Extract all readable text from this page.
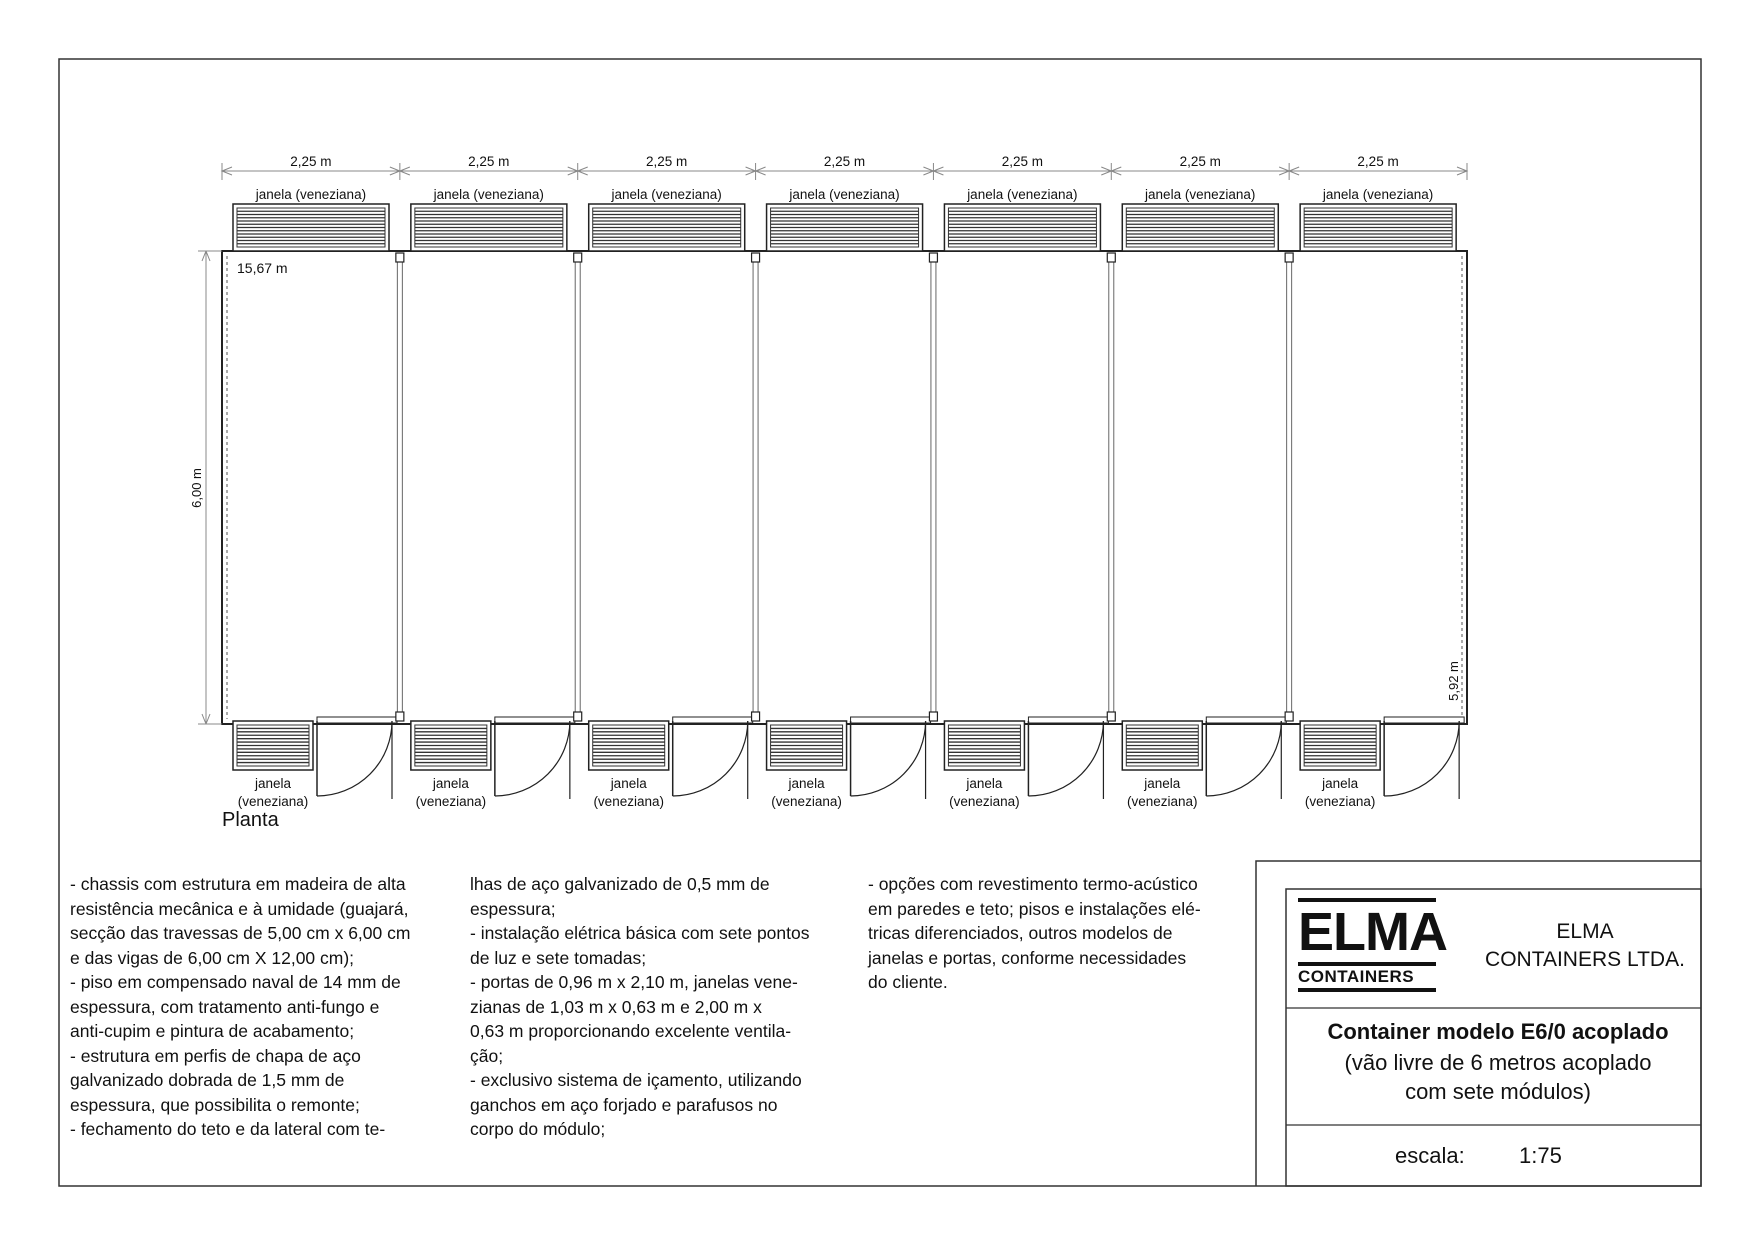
2,25 m
janela (veneziana)
janela
(veneziana)
2,25 m
janela (veneziana)
janela
(veneziana)
2,25 m
janela (veneziana)
janela
(veneziana)
2,25 m
janela (veneziana)
janela
(veneziana)
2,25 m
janela (veneziana)
janela
(veneziana)
2,25 m
janela (veneziana)
janela
(veneziana)
2,25 m
janela (veneziana)
janela
(veneziana)
15,67 m
6,00 m
5,92 m
Planta
- chassis com estrutura em madeira de alta
resistência mecânica e à umidade (guajará,
secção das travessas de 5,00 cm x 6,00 cm
e das vigas de 6,00 cm X 12,00 cm);
- piso em compensado naval de 14 mm de
espessura, com tratamento anti-fungo e
anti-cupim e pintura de acabamento;
- estrutura em perfis de chapa de aço
galvanizado dobrada de 1,5 mm de
espessura, que possibilita o remonte;
- fechamento do teto e da lateral com te-
lhas de aço galvanizado de 0,5 mm de
espessura;
- instalação elétrica básica com sete pontos
de luz e sete tomadas;
- portas de 0,96 m x 2,10 m, janelas vene-
zianas de 1,03 m x 0,63 m e 2,00 m x
0,63 m proporcionando excelente ventila-
ção;
- exclusivo sistema de içamento, utilizando
ganchos em aço forjado e parafusos no
corpo do módulo;
- opções com revestimento termo-acústico
em paredes e teto; pisos e instalações elé-
tricas diferenciados, outros modelos de
janelas e portas, conforme necessidades
do cliente.
ELMA
CONTAINERS
ELMA
CONTAINERS LTDA.
Container modelo E6/0 acoplado
(vão livre de 6 metros acoplado
com sete módulos)
escala: 1:75
